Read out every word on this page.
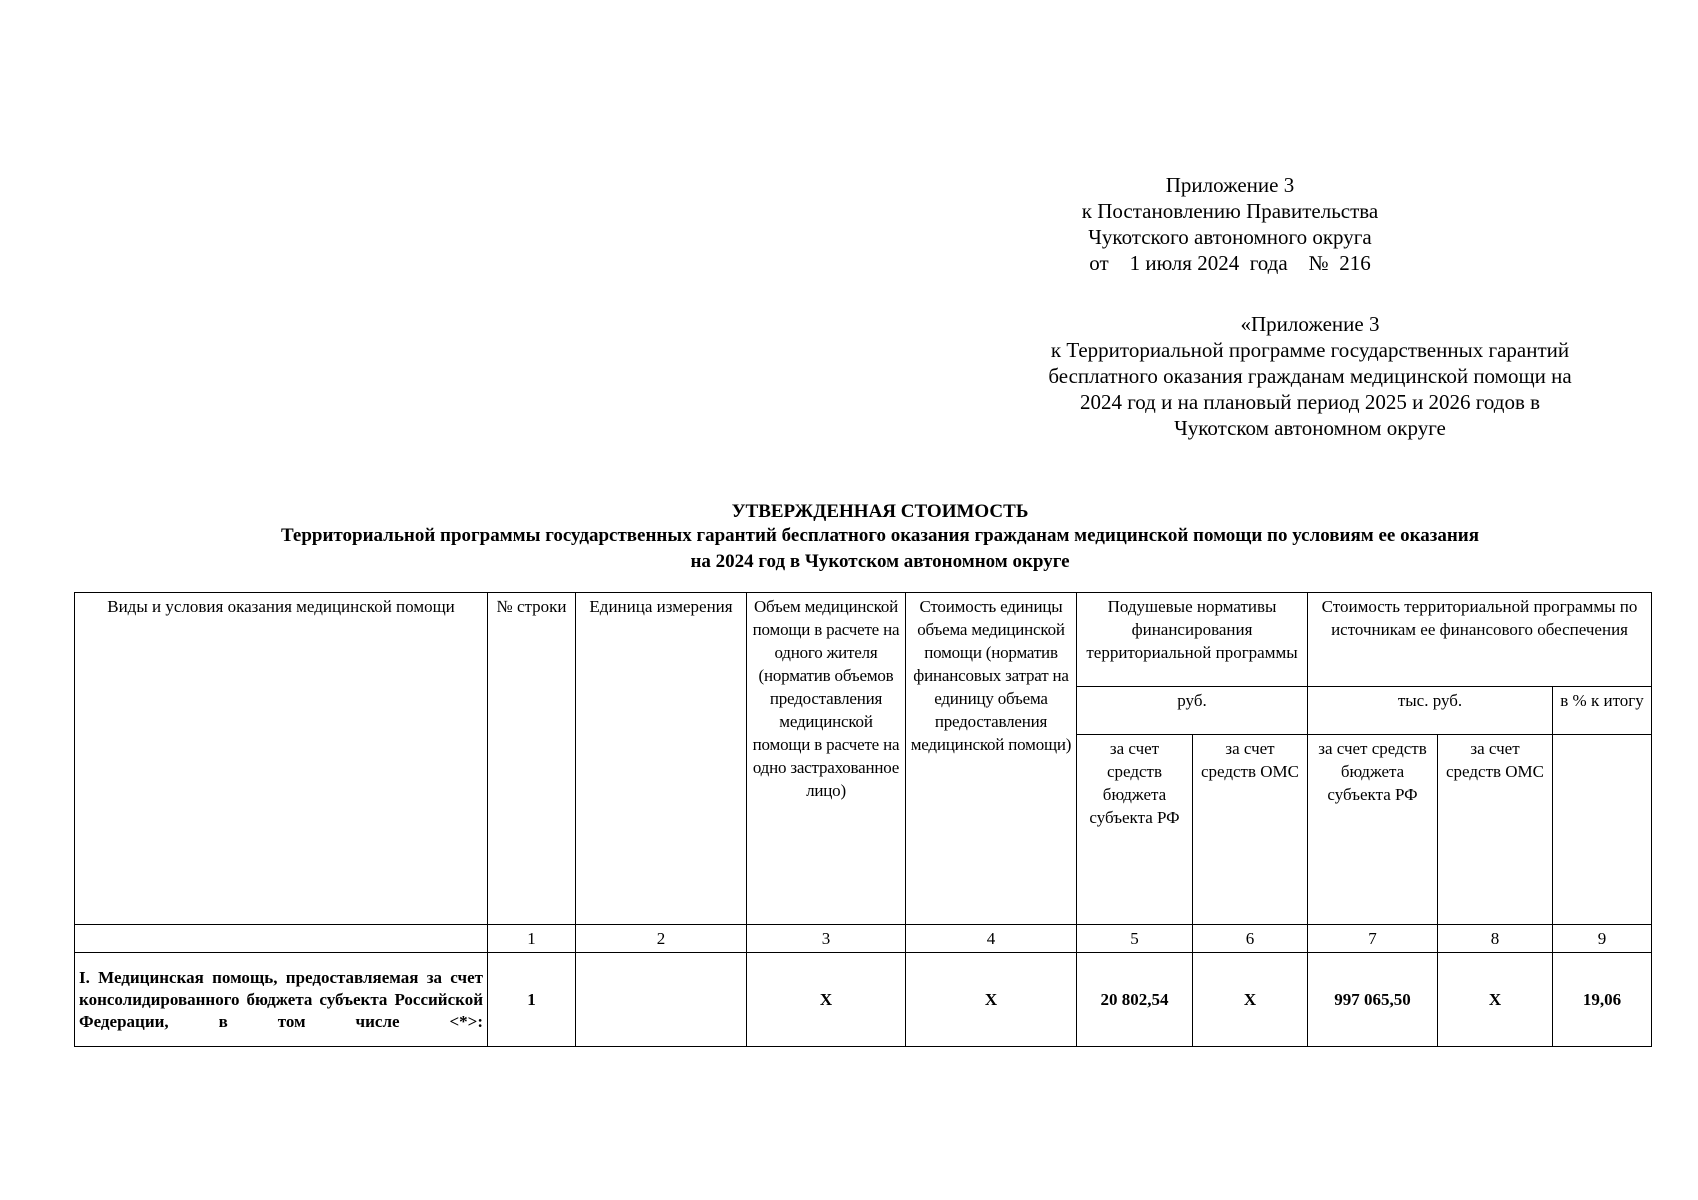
Приложение 3
к Постановлению Правительства
Чукотского автономного округа
от    1 июля 2024  года    №  216
«Приложение 3
к Территориальной программе государственных гарантий
бесплатного оказания гражданам медицинской помощи на
2024 год и на плановый период 2025 и 2026 годов в
Чукотском автономном округе
УТВЕРЖДЕННАЯ СТОИМОСТЬ
Территориальной программы государственных гарантий бесплатного оказания гражданам медицинской помощи по условиям ее оказания
на 2024 год в Чукотском автономном округе
Виды и условия оказания медицинской помощи	№ строки	Единица измерения	Объем медицинской помощи в расчете на одного жителя (норматив объемов предоставления медицинской помощи в расчете на одно застрахованное лицо)	Стоимость единицы объема медицинской помощи (норматив финансовых затрат на единицу объема предоставления медицинской помощи)	Подушевые нормативы финансирования территориальной программы		Стоимость территориальной программы по источникам ее финансового обеспечения		
					руб.		тыс. руб.		в % к итогу
					за счет средств бюджета субъекта РФ	за счет средств ОМС	за счет средств бюджета субъекта РФ	за счет средств ОМС	
	1	2	3	4	5	6	7	8	9
I. Медицинская помощь, предоставляемая за счет консолидированного бюджета субъекта Российской Федерации, в том числе <*>:	1		X	X	20 802,54	X	997 065,50	X	19,06
